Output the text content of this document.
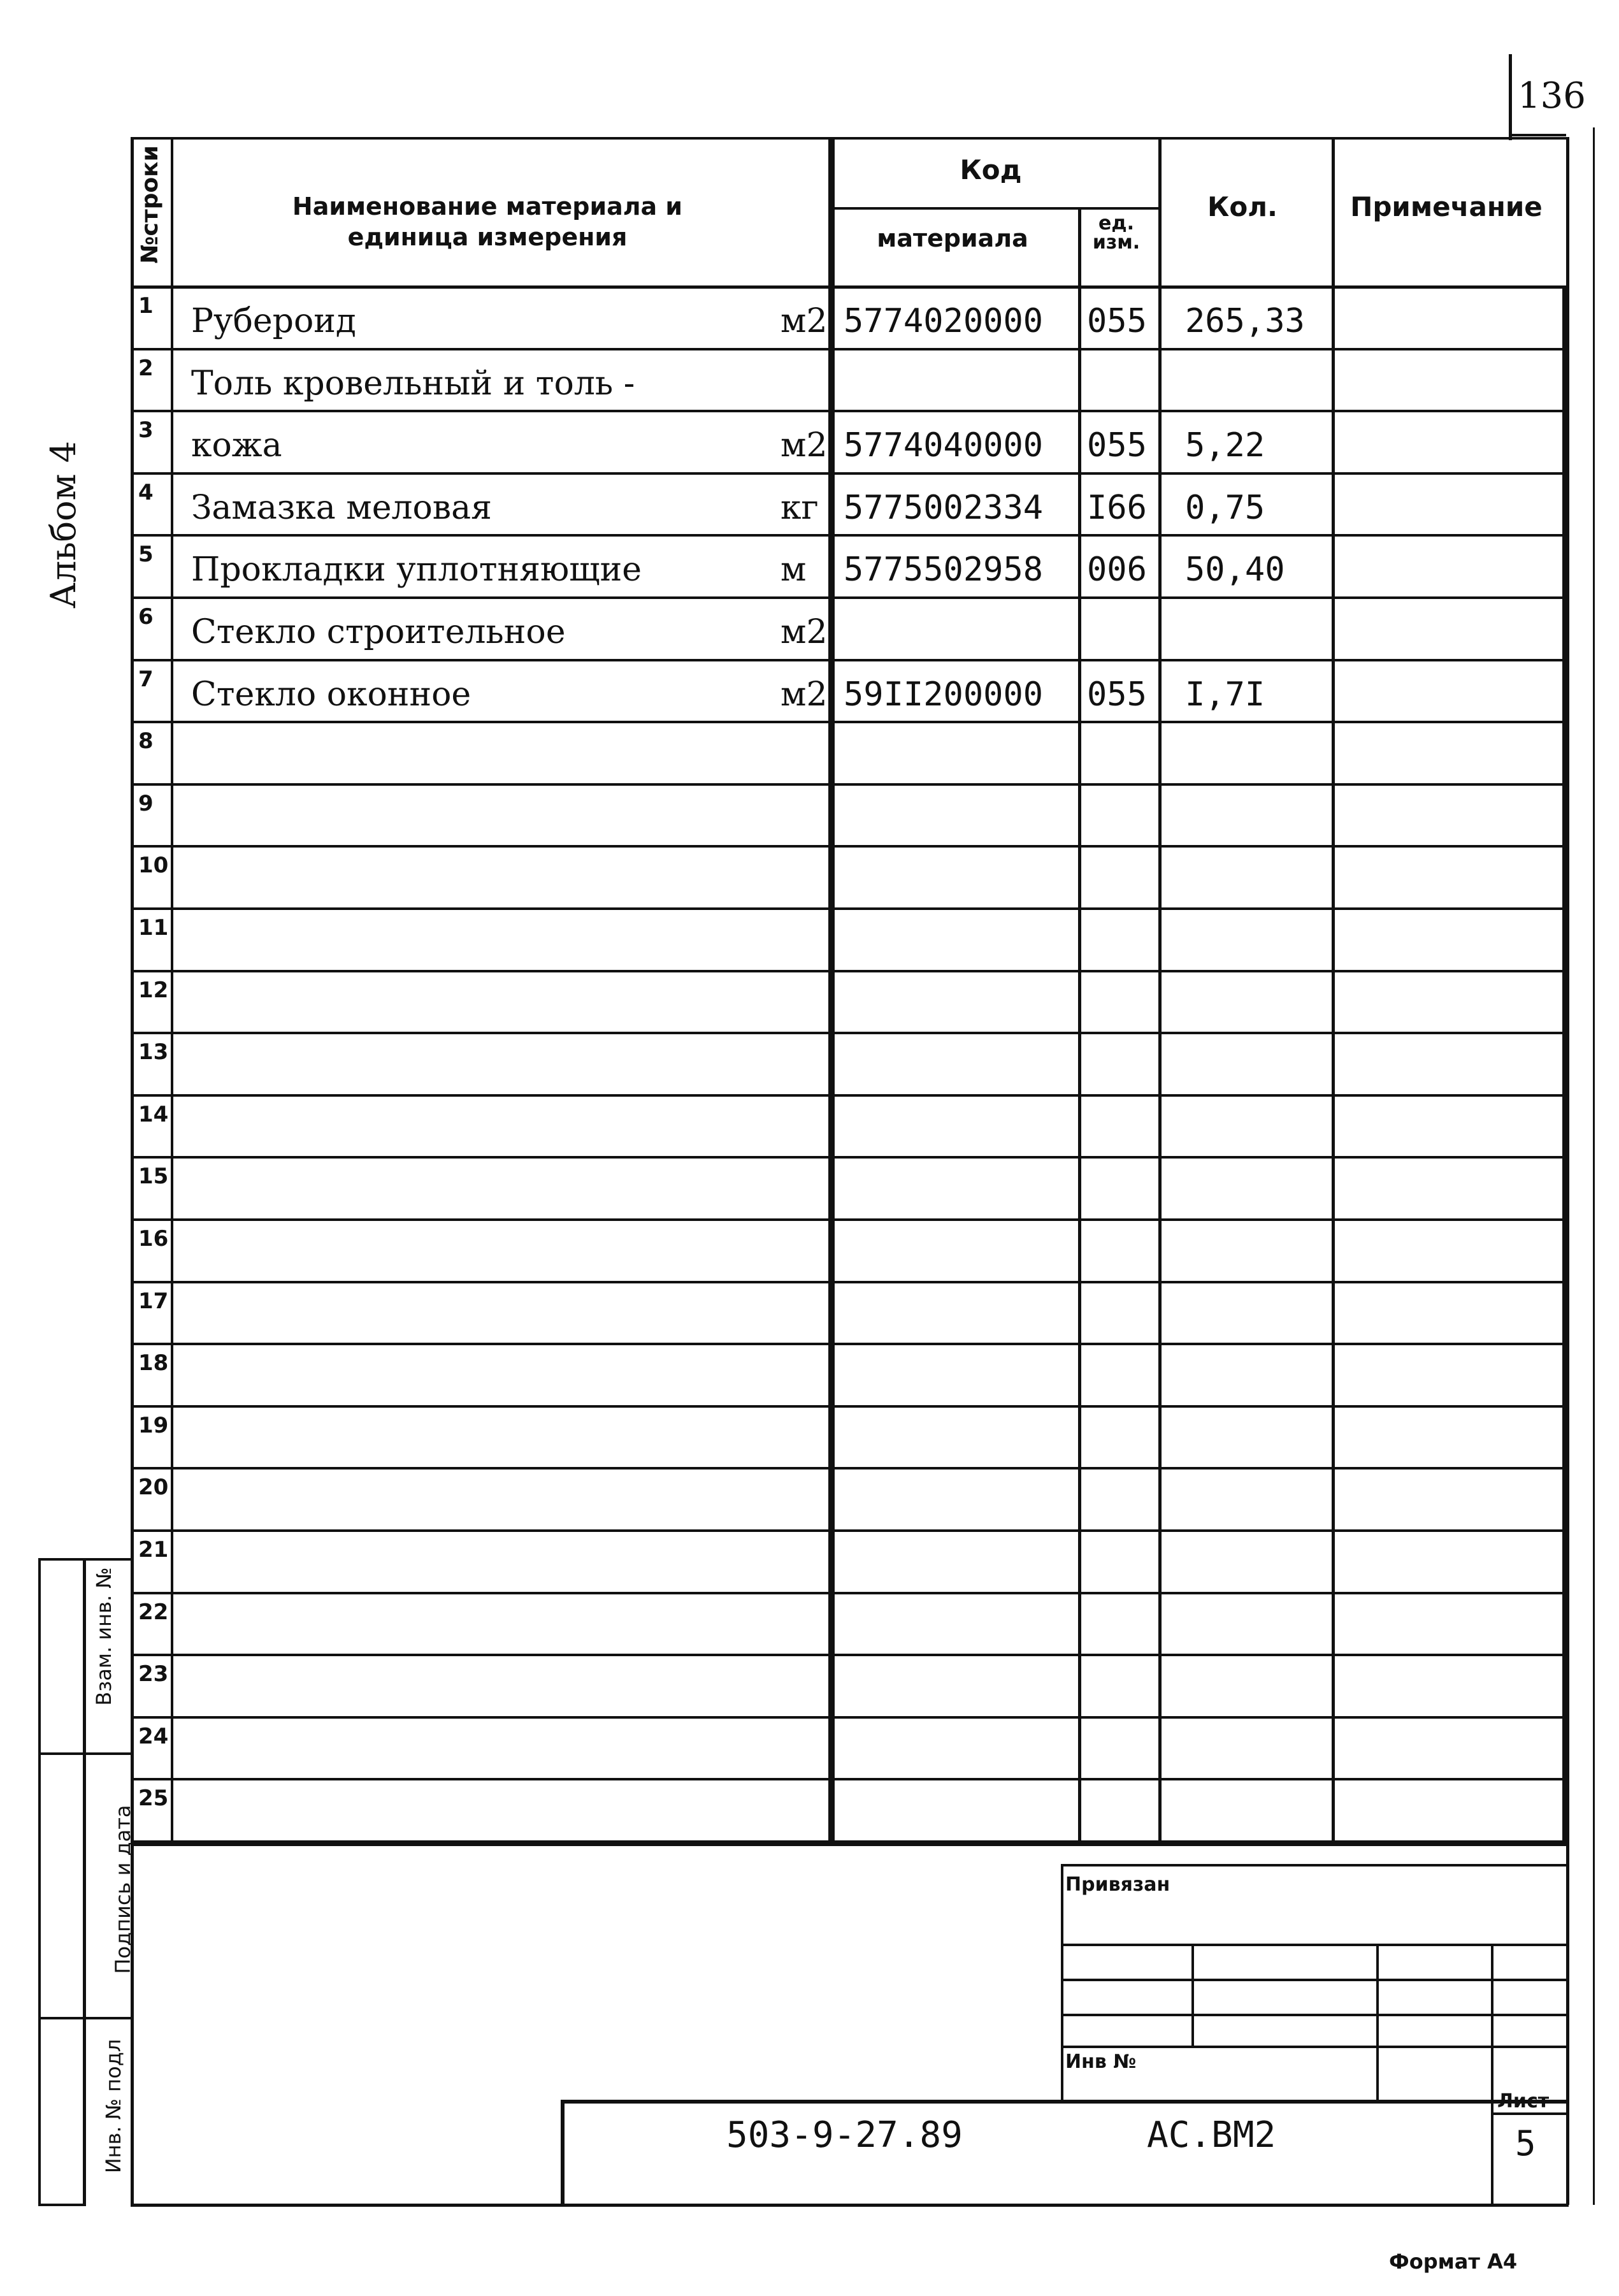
136
Альбом 4
№строки	Наименование материала и
единица измерения
Код
материала
ед.
изм.
Кол.	Примечание
1 Рубероид	м2 5774020000 055 265,33
2 Толь кровельный и толь -
3 кожа	м2 5774040000 055 5,22
4 Замазка меловая	кг 5775002334 I66 0,75
5 Прокладки уплотняющие	м 5775502958 006 50,40
6 Стекло строительное	м2
7 Стекло оконное	м2 59II200000 055 I,7I
8
9
10
11
12
13
14
15
16
17
18
19
20
21
22
23
24
25
Взам. инв. №
Подпись и дата
Инв. № подл
Привязан
Инв №
503-9-27.89	АС.ВМ2
Лист
5
Формат А4
